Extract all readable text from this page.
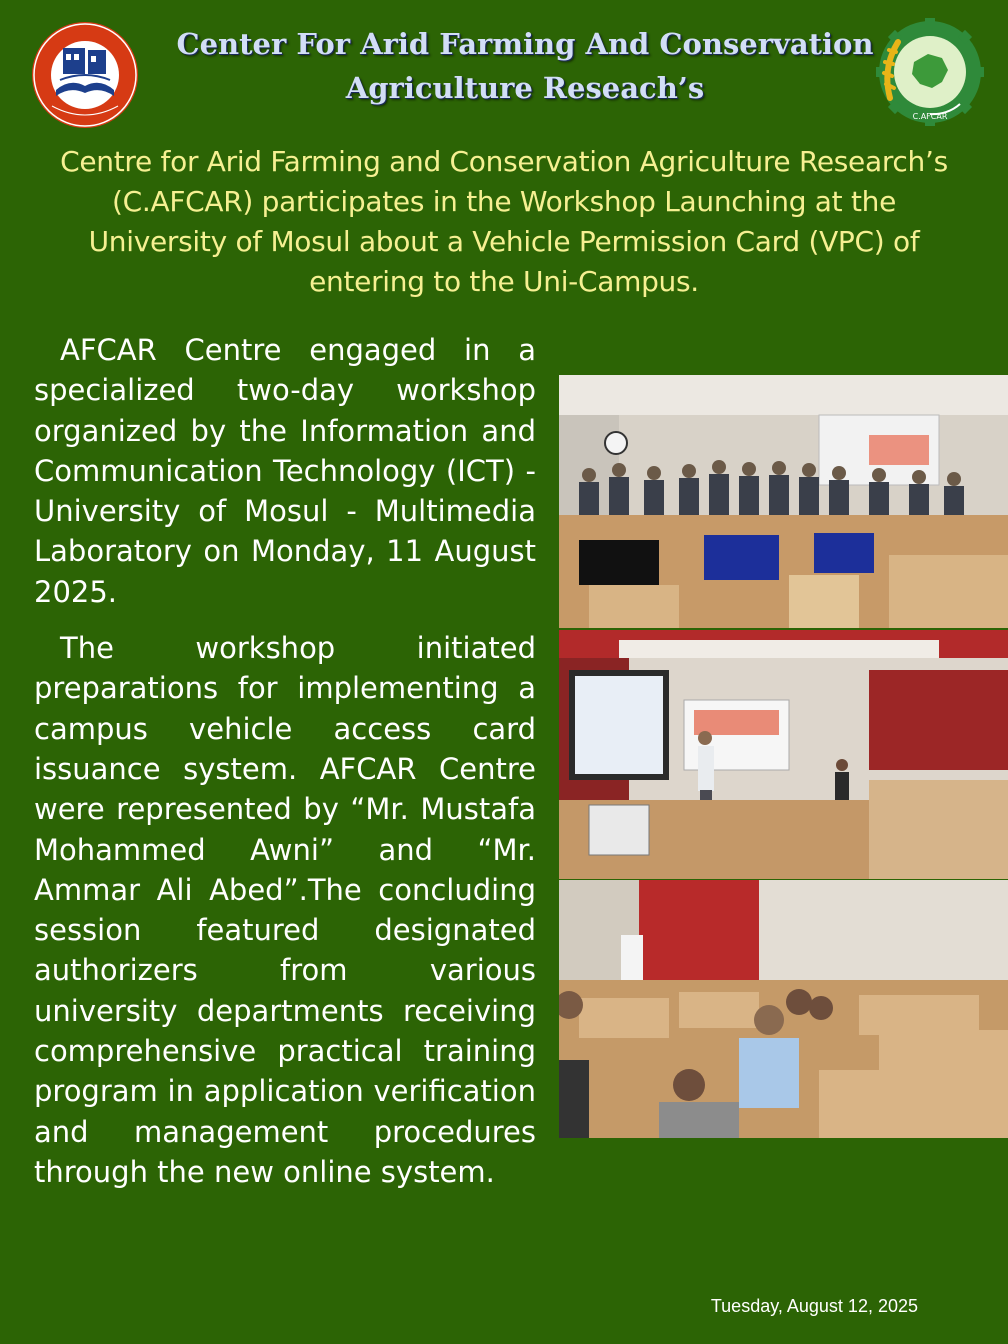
Center For Arid Farming And Conservation
Agriculture Reseach’s
C.AFCAR
Centre for Arid Farming and Conservation Agriculture Research’s
(C.AFCAR) participates in the Workshop Launching at the
University of Mosul about a Vehicle Permission Card (VPC) of
entering to the Uni-Campus.

AFCAR Centre engaged in a specialized two-day workshop organized by the Information and Communication Technology (ICT) - University of Mosul - Multimedia Laboratory on Monday, 11 August 2025.

The workshop initiated preparations for implementing a campus vehicle access card issuance system. AFCAR Centre were represented by “Mr. Mustafa Mohammed Awni” and “Mr. Ammar Ali Abed”.The concluding session featured designated authorizers from various university departments receiving comprehensive practical training program in application verification and management procedures through the new online system.

Tuesday, August 12, 2025
